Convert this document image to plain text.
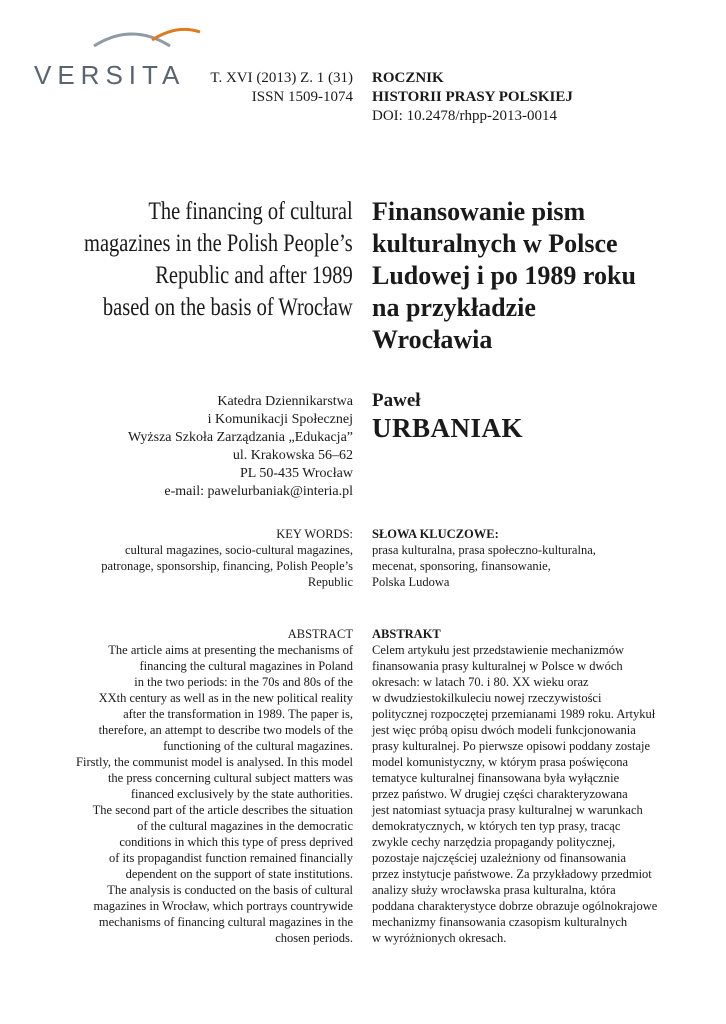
VERSITA T. XVI (2013) Z. 1 (31)
ISSN 1509-1074
ROCZNIK
HISTORII PRASY POLSKIEJ
DOI: 10.2478/rhpp-2013-0014
The financing of cultural
magazines in the Polish People’s
Republic and after 1989
based on the basis of Wrocław
Finansowanie pism
kulturalnych w Polsce
Ludowej i po 1989 roku
na przykładzie
Wrocławia
Katedra Dziennikarstwa
i Komunikacji Społecznej
Wyższa Szkoła Zarządzania „Edukacja”
ul. Krakowska 56–62
PL 50-435 Wrocław
e-mail: pawelurbaniak@interia.pl
Paweł
URBANIAK
KEY WORDS:
cultural magazines, socio-cultural magazines,
patronage, sponsorship, financing, Polish People’s
Republic
SŁOWA KLUCZOWE:
prasa kulturalna, prasa społeczno-kulturalna,
mecenat, sponsoring, finansowanie,
Polska Ludowa
ABSTRACT
The article aims at presenting the mechanisms of
financing the cultural magazines in Poland
in the two periods: in the 70s and 80s of the
XXth century as well as in the new political reality
after the transformation in 1989. The paper is,
therefore, an attempt to describe two models of the
functioning of the cultural magazines.
Firstly, the communist model is analysed. In this model
the press concerning cultural subject matters was
financed exclusively by the state authorities.
The second part of the article describes the situation
of the cultural magazines in the democratic
conditions in which this type of press deprived
of its propagandist function remained financially
dependent on the support of state institutions.
The analysis is conducted on the basis of cultural
magazines in Wrocław, which portrays countrywide
mechanisms of financing cultural magazines in the
chosen periods.
ABSTRAKT
Celem artykułu jest przedstawienie mechanizmów
finansowania prasy kulturalnej w Polsce w dwóch
okresach: w latach 70. i 80. XX wieku oraz
w dwudziestokilkuleciu nowej rzeczywistości
politycznej rozpoczętej przemianami 1989 roku. Artykuł
jest więc próbą opisu dwóch modeli funkcjonowania
prasy kulturalnej. Po pierwsze opisowi poddany zostaje
model komunistyczny, w którym prasa poświęcona
tematyce kulturalnej finansowana była wyłącznie
przez państwo. W drugiej części charakteryzowana
jest natomiast sytuacja prasy kulturalnej w warunkach
demokratycznych, w których ten typ prasy, tracąc
zwykle cechy narzędzia propagandy politycznej,
pozostaje najczęściej uzależniony od finansowania
przez instytucje państwowe. Za przykładowy przedmiot
analizy służy wrocławska prasa kulturalna, która
poddana charakterystyce dobrze obrazuje ogólnokrajowe
mechanizmy finansowania czasopism kulturalnych
w wyróżnionych okresach.
